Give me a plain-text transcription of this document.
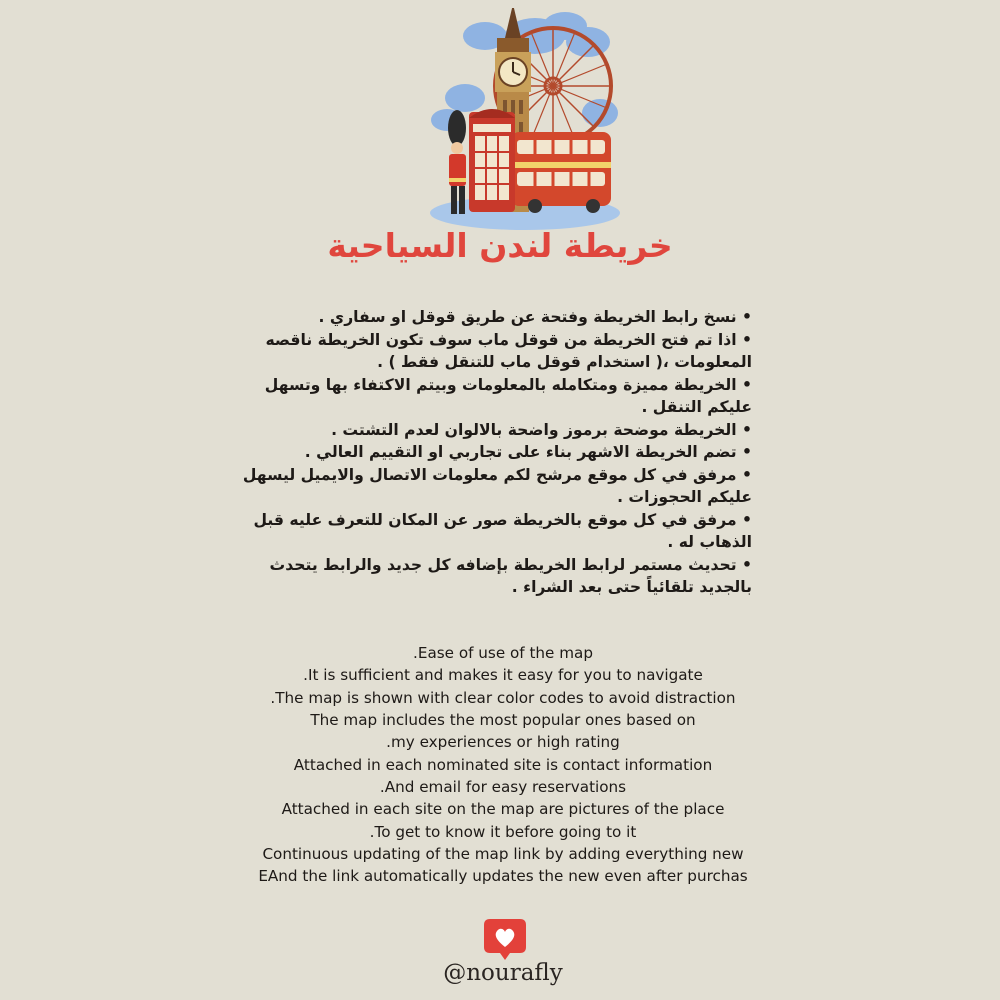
خريطة لندن السياحية
• نسخ رابط الخريطة وفتحة عن طريق قوقل او سفاري .
• اذا تم فتح الخريطة من قوقل ماب سوف تكون الخريطة ناقصه المعلومات ،( استخدام قوقل ماب للتنقل فقط ) .
• الخريطة مميزة ومتكامله بالمعلومات وبيتم الاكتفاء بها وتسهل عليكم التنقل .
• الخريطة موضحة برموز واضحة بالالوان لعدم التشتت .
• تضم الخريطة الاشهر بناء على تجاربي او التقييم العالي .
• مرفق في كل موقع مرشح لكم معلومات الاتصال والايميل ليسهل عليكم الحجوزات .
• مرفق في كل موقع بالخريطة صور عن المكان للتعرف عليه قبل الذهاب له .
• تحديث مستمر لرابط الخريطة بإضافه كل جديد والرابط يتحدث بالجديد تلقائياً حتى بعد الشراء .
.Ease of use of the map
.It is sufficient and makes it easy for you to navigate
.The map is shown with clear color codes to avoid distraction
The map includes the most popular ones based on
.my experiences or high rating
Attached in each nominated site is contact information
.And email for easy reservations
Attached in each site on the map are pictures of the place
.To get to know it before going to it
Continuous updating of the map link by adding everything new
EAnd the link automatically updates the new even after purchas
@nourafly
